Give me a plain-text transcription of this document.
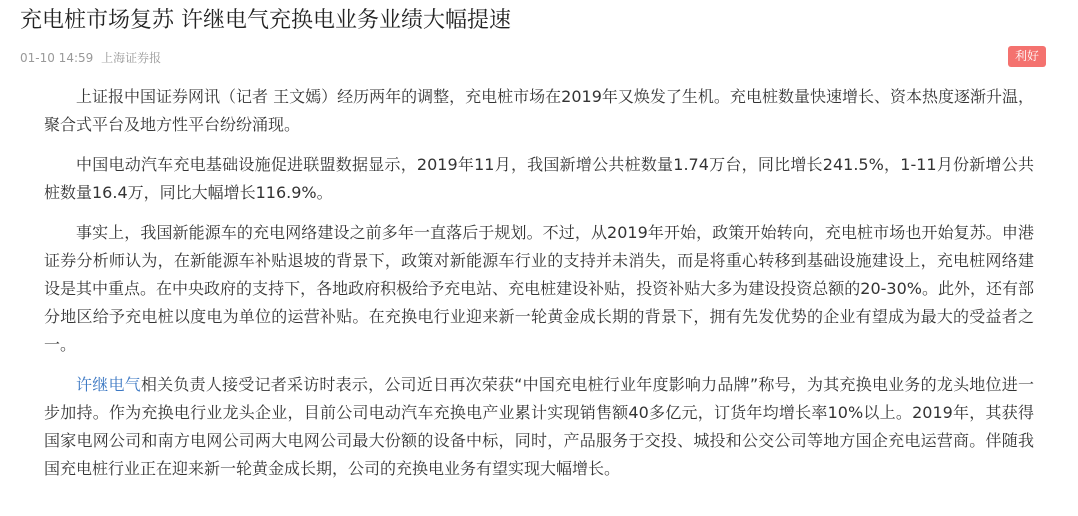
充电桩市场复苏 许继电气充换电业务业绩大幅提速
01-10 14:59 上海证券报	利好

上证报中国证券网讯（记者 王文嫣）经历两年的调整，充电桩市场在2019年又焕发了生机。充电桩数量快速增长、资本热度逐渐升温，聚合式平台及地方性平台纷纷涌现。

中国电动汽车充电基础设施促进联盟数据显示，2019年11月，我国新增公共桩数量1.74万台，同比增长241.5%，1-11月份新增公共桩数量16.4万，同比大幅增长116.9%。

事实上，我国新能源车的充电网络建设之前多年一直落后于规划。不过，从2019年开始，政策开始转向，充电桩市场也开始复苏。申港证券分析师认为，在新能源车补贴退坡的背景下，政策对新能源车行业的支持并未消失，而是将重心转移到基础设施建设上，充电桩网络建设是其中重点。在中央政府的支持下，各地政府积极给予充电站、充电桩建设补贴，投资补贴大多为建设投资总额的20-30%。此外，还有部分地区给予充电桩以度电为单位的运营补贴。在充换电行业迎来新一轮黄金成长期的背景下，拥有先发优势的企业有望成为最大的受益者之一。

许继电气相关负责人接受记者采访时表示，公司近日再次荣获“中国充电桩行业年度影响力品牌”称号，为其充换电业务的龙头地位进一步加持。作为充换电行业龙头企业，目前公司电动汽车充换电产业累计实现销售额40多亿元，订货年均增长率10%以上。2019年，其获得国家电网公司和南方电网公司两大电网公司最大份额的设备中标，同时，产品服务于交投、城投和公交公司等地方国企充电运营商。伴随我国充电桩行业正在迎来新一轮黄金成长期，公司的充换电业务有望实现大幅增长。
